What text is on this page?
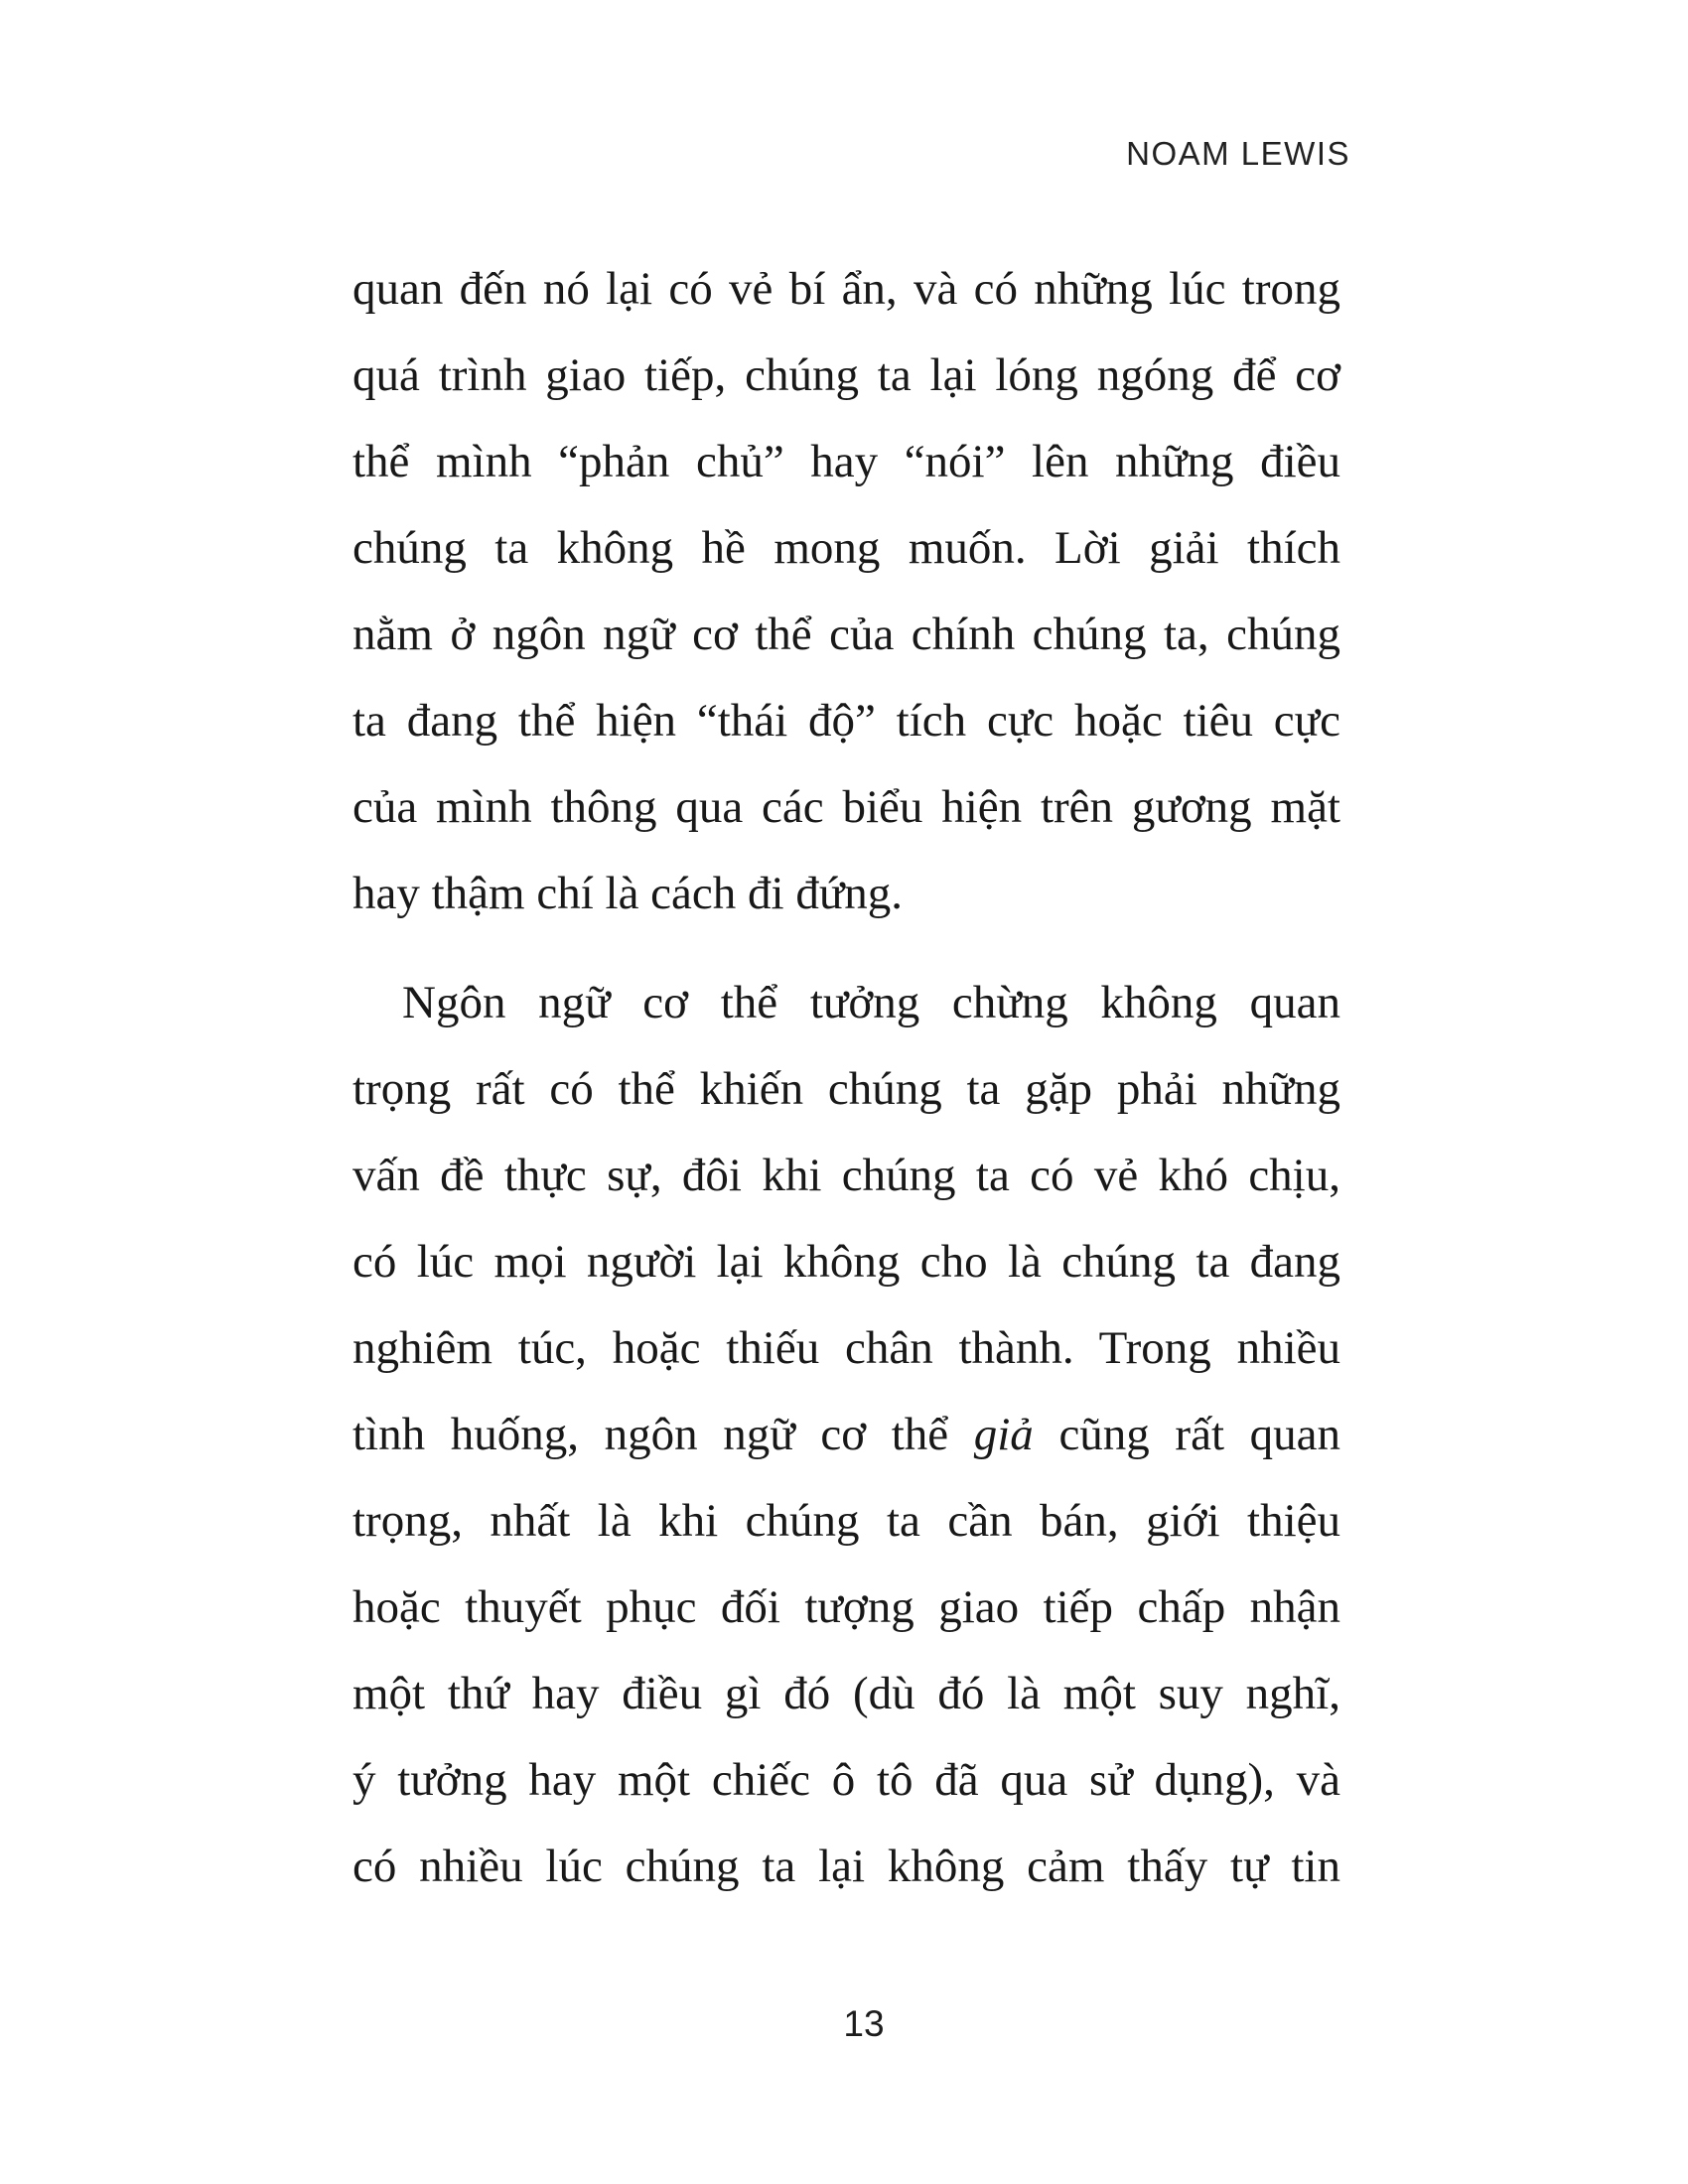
NOAM LEWIS
quan đến nó lại có vẻ bí ẩn, và có những lúc trong
quá trình giao tiếp, chúng ta lại lóng ngóng để cơ
thể mình “phản chủ” hay “nói” lên những điều
chúng ta không hề mong muốn. Lời giải thích
nằm ở ngôn ngữ cơ thể của chính chúng ta, chúng
ta đang thể hiện “thái độ” tích cực hoặc tiêu cực
của mình thông qua các biểu hiện trên gương mặt
hay thậm chí là cách đi đứng.
Ngôn ngữ cơ thể tưởng chừng không quan
trọng rất có thể khiến chúng ta gặp phải những
vấn đề thực sự, đôi khi chúng ta có vẻ khó chịu,
có lúc mọi người lại không cho là chúng ta đang
nghiêm túc, hoặc thiếu chân thành. Trong nhiều
tình huống, ngôn ngữ cơ thể giả cũng rất quan
trọng, nhất là khi chúng ta cần bán, giới thiệu
hoặc thuyết phục đối tượng giao tiếp chấp nhận
một thứ hay điều gì đó (dù đó là một suy nghĩ,
ý tưởng hay một chiếc ô tô đã qua sử dụng), và
có nhiều lúc chúng ta lại không cảm thấy tự tin
13
